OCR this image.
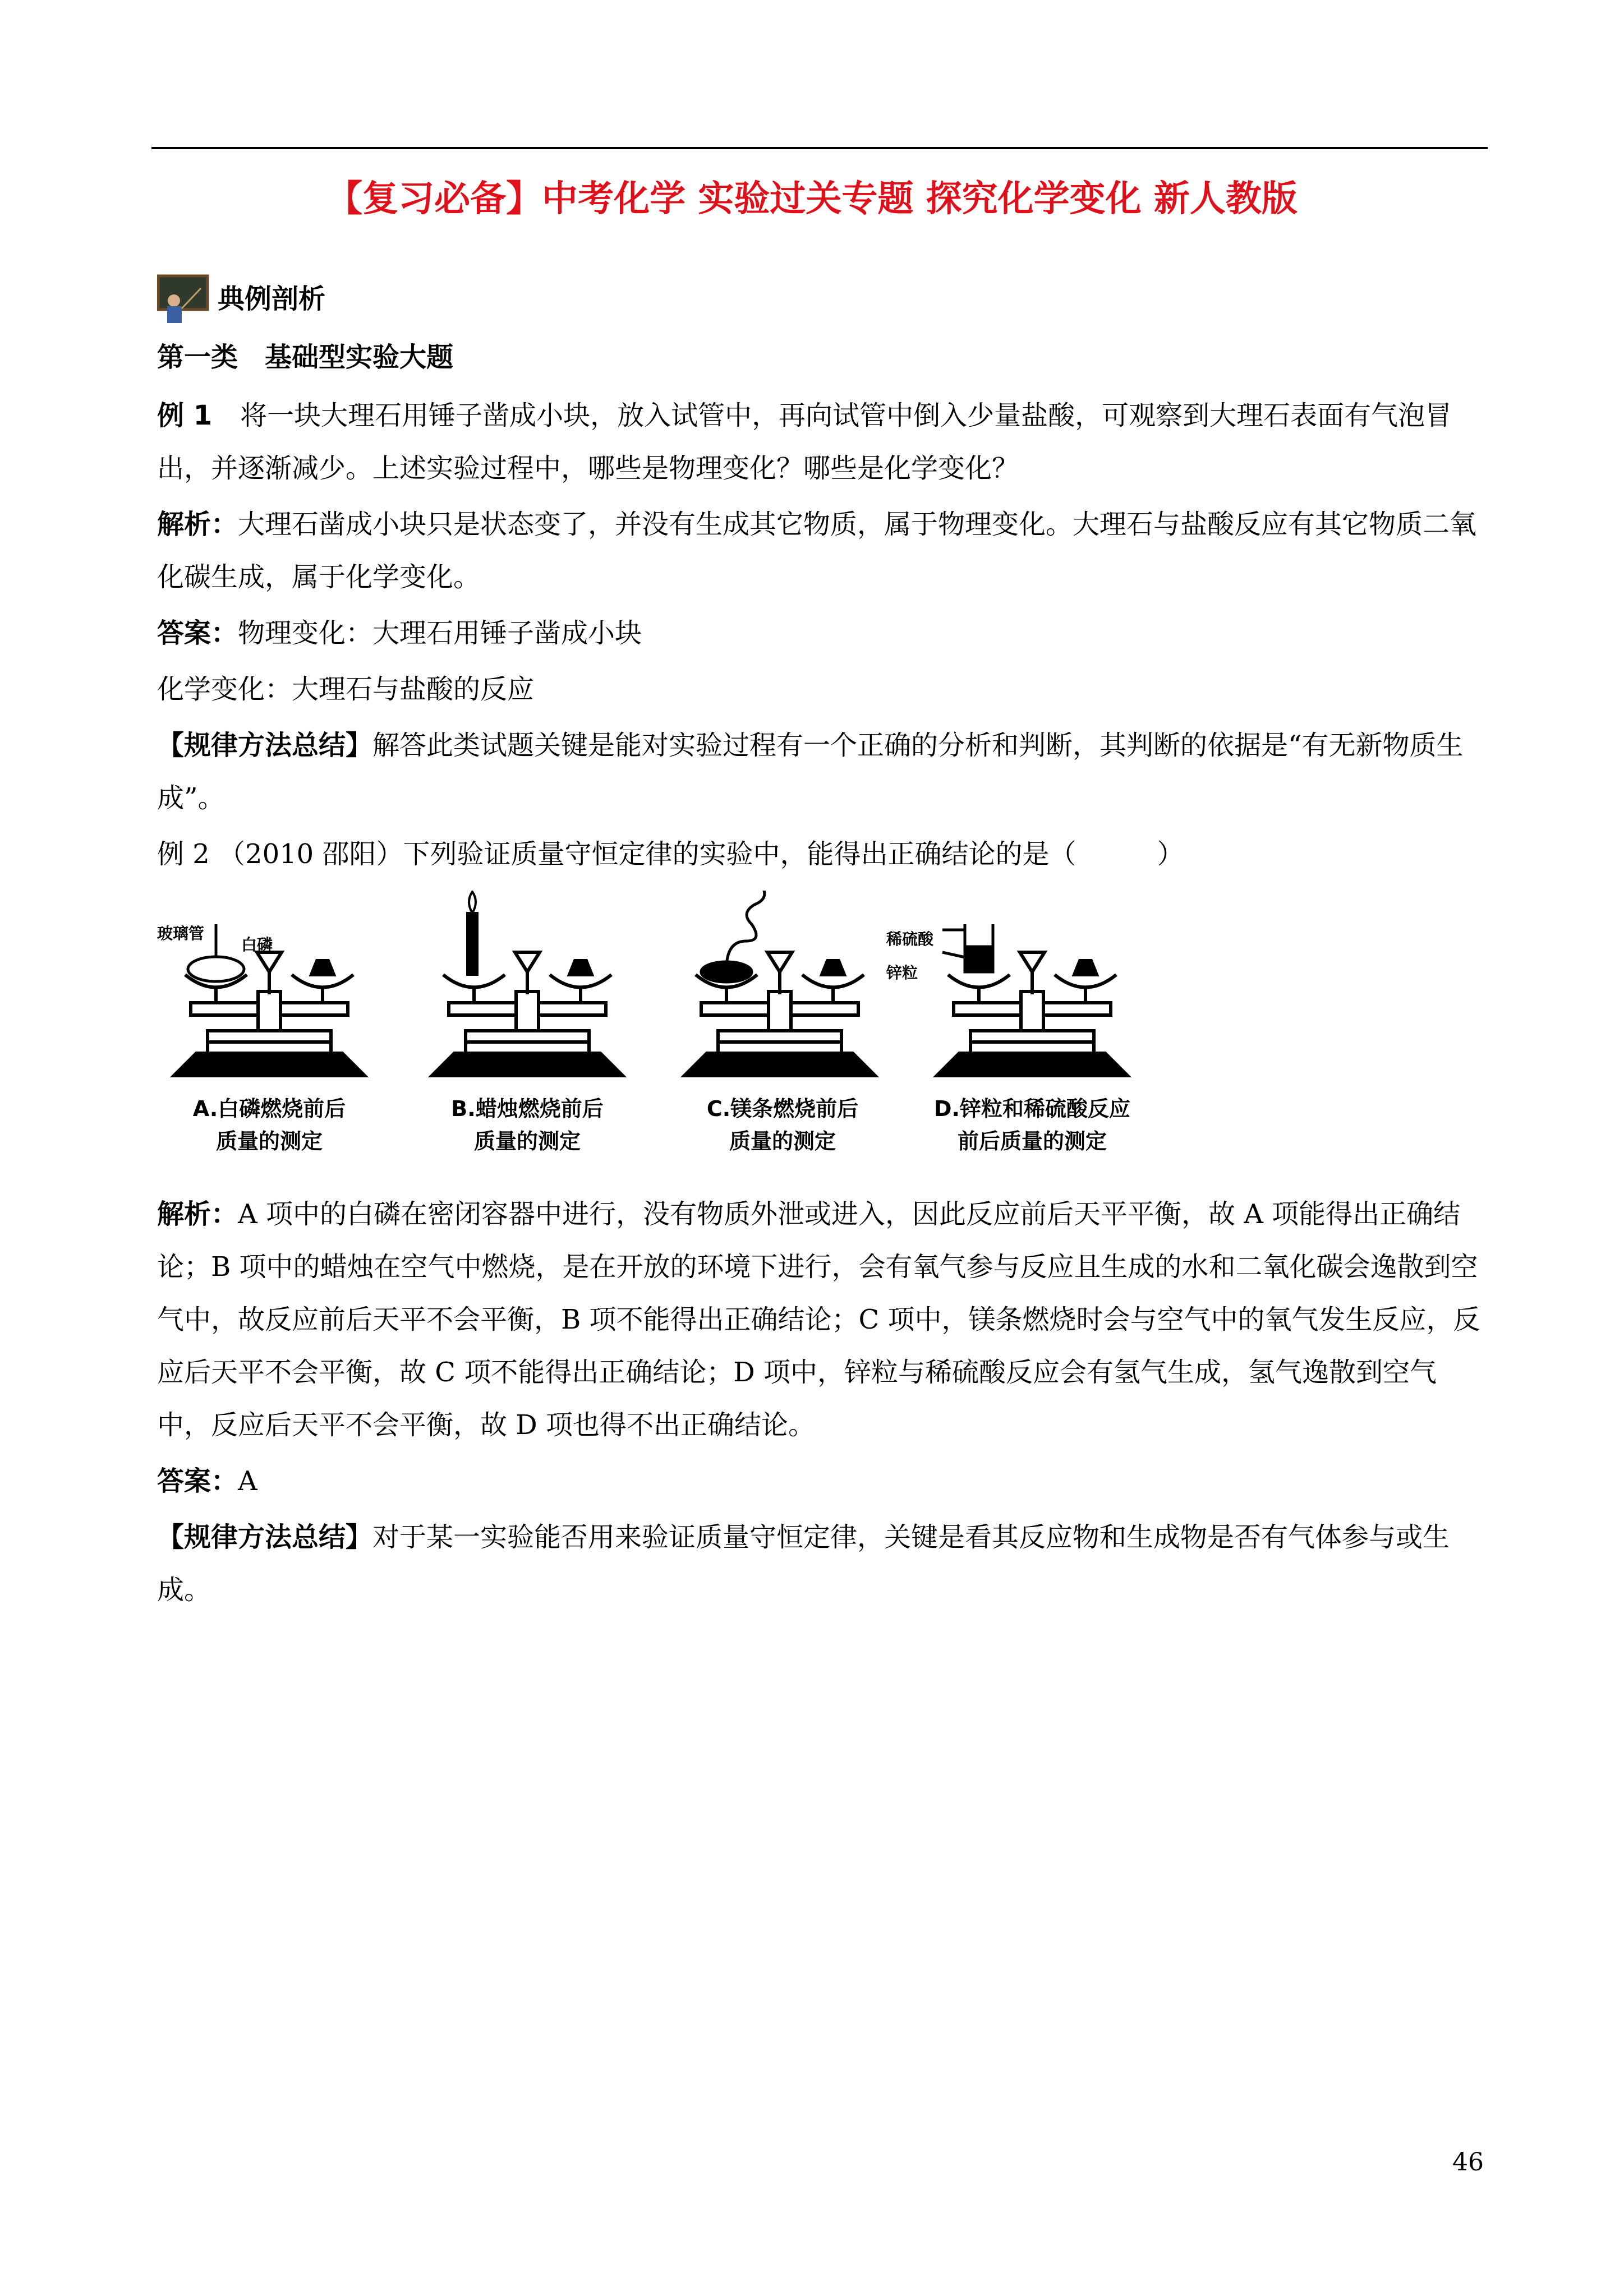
【复习必备】中考化学 实验过关专题 探究化学变化 新人教版
典例剖析

第一类　基础型实验大题

例 1 将一块大理石用锤子凿成小块，放入试管中，再向试管中倒入少量盐酸，可观察到大理石表面有气泡冒出，并逐渐减少。上述实验过程中，哪些是物理变化？哪些是化学变化？

解析：大理石凿成小块只是状态变了，并没有生成其它物质，属于物理变化。大理石与盐酸反应有其它物质二氧化碳生成，属于化学变化。

答案：物理变化：大理石用锤子凿成小块

化学变化：大理石与盐酸的反应

【规律方法总结】解答此类试题关键是能对实验过程有一个正确的分析和判断，其判断的依据是“有无新物质生成”。

例 2 （2010 邵阳）下列验证质量守恒定律的实验中，能得出正确结论的是（　　　）

玻璃管
白磷	稀硫酸
锌粒
A.白磷燃烧前后
质量的测定
B.蜡烛燃烧前后
质量的测定
C.镁条燃烧前后
质量的测定
D.锌粒和稀硫酸反应
前后质量的测定

解析：A 项中的白磷在密闭容器中进行，没有物质外泄或进入，因此反应前后天平平衡，故 A 项能得出正确结论；B 项中的蜡烛在空气中燃烧，是在开放的环境下进行，会有氧气参与反应且生成的水和二氧化碳会逸散到空气中，故反应前后天平不会平衡，B 项不能得出正确结论；C 项中，镁条燃烧时会与空气中的氧气发生反应，反应后天平不会平衡，故 C 项不能得出正确结论；D 项中，锌粒与稀硫酸反应会有氢气生成，氢气逸散到空气中，反应后天平不会平衡，故 D 项也得不出正确结论。

答案：A

【规律方法总结】对于某一实验能否用来验证质量守恒定律，关键是看其反应物和生成物是否有气体参与或生成。

46
